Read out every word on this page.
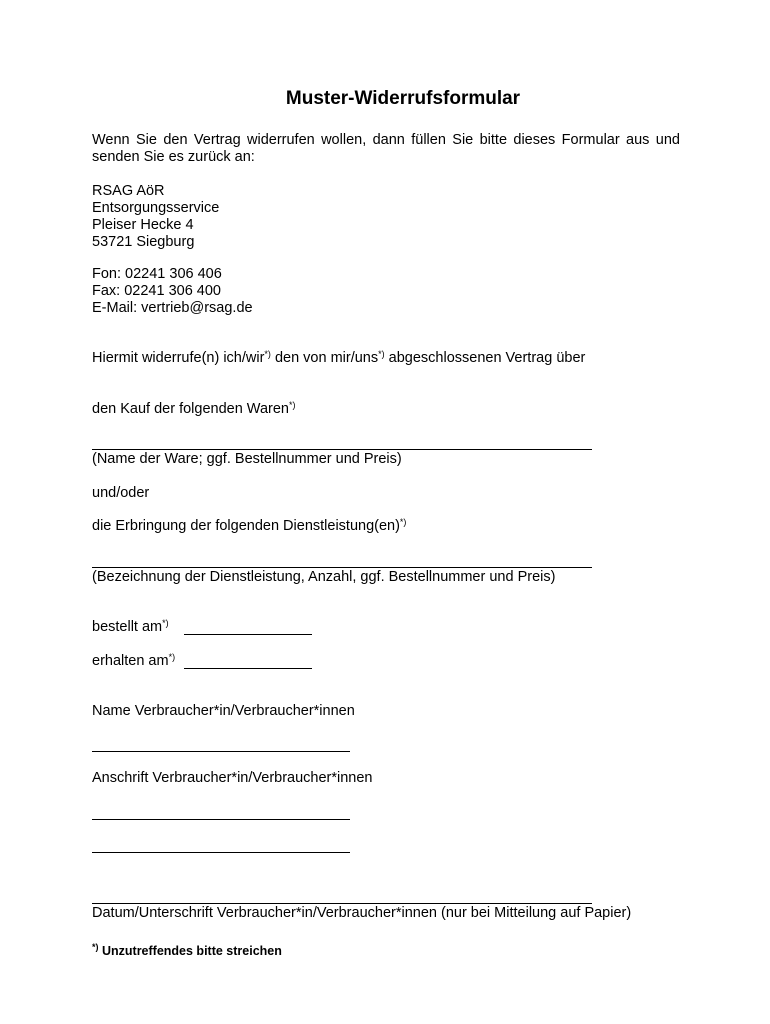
Muster-Widerrufsformular
Wenn Sie den Vertrag widerrufen wollen, dann füllen Sie bitte dieses Formular aus und senden Sie es zurück an:
RSAG AöR
Entsorgungsservice
Pleiser Hecke 4
53721 Siegburg
Fon: 02241 306 406
Fax: 02241 306 400
E-Mail: vertrieb@rsag.de
Hiermit widerrufe(n) ich/wir*) den von mir/uns*) abgeschlossenen Vertrag über
den Kauf der folgenden Waren*)
(Name der Ware; ggf. Bestellnummer und Preis)
und/oder
die Erbringung der folgenden Dienstleistung(en)*)
(Bezeichnung der Dienstleistung, Anzahl, ggf. Bestellnummer und Preis)
bestellt am*)
erhalten am*)
Name Verbraucher*in/Verbraucher*innen
Anschrift Verbraucher*in/Verbraucher*innen
Datum/Unterschrift Verbraucher*in/Verbraucher*innen (nur bei Mitteilung auf Papier)
*) Unzutreffendes bitte streichen
